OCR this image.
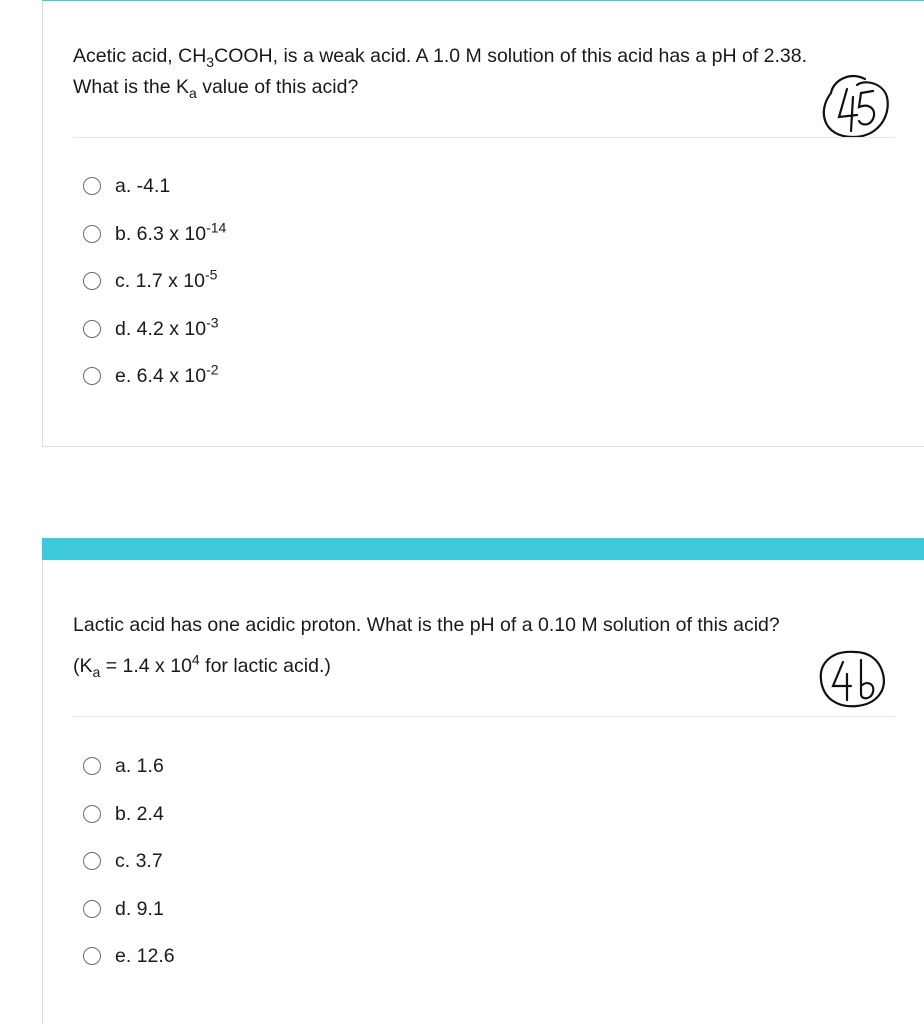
Acetic acid, $CH_3COOH$, is a weak acid. A 1.0 M solution of this acid has a pH of 2.38.
What is the $K_a$ value of this acid?
a. -4.1
b. 6.3 x $10^{-14}$
c. 1.7 x $10^{-5}$
d. 4.2 x $10^{-3}$
e. 6.4 x $10^{-2}$
Lactic acid has one acidic proton. What is the pH of a 0.10 M solution of this acid?
($K_a = 1.4$ x $10^4$ for lactic acid.)
a. 1.6
b. 2.4
c. 3.7
d. 9.1
e. 12.6
